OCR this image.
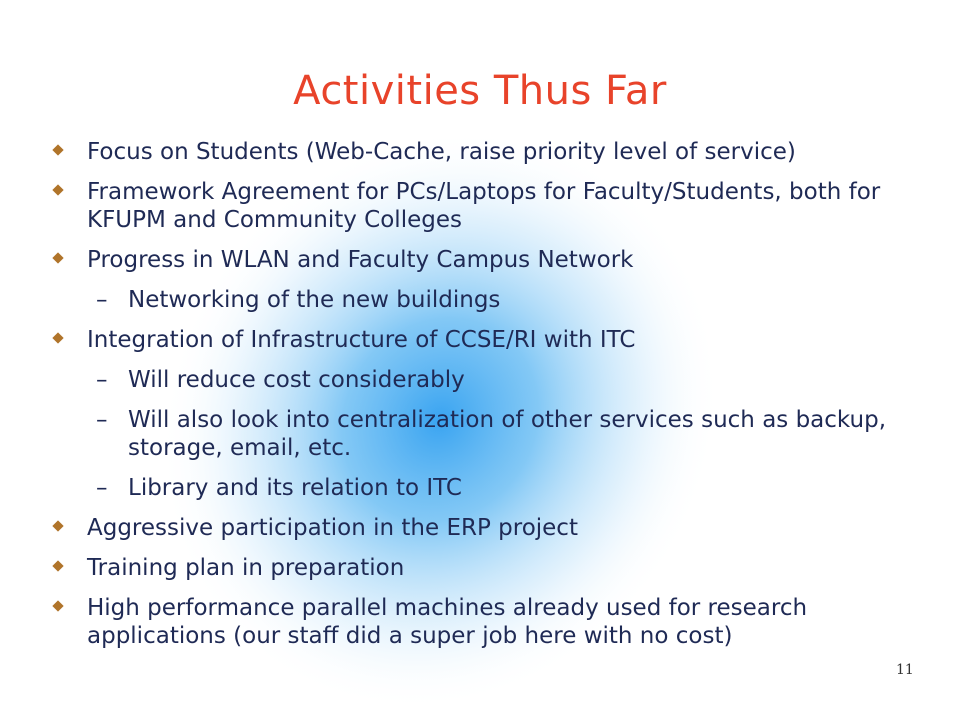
Activities Thus Far

Focus on Students (Web-Cache, raise priority level of service)

Framework Agreement for PCs/Laptops for Faculty/Students, both for KFUPM and Community Colleges

Progress in WLAN and Faculty Campus Network

– Networking of the new buildings

Integration of Infrastructure of CCSE/RI with ITC

– Will reduce cost considerably

– Will also look into centralization of other services such as backup, storage, email, etc.

– Library and its relation to ITC

Aggressive participation in the ERP project

Training plan in preparation

High performance parallel machines already used for research applications (our staff did a super job here with no cost)

11
